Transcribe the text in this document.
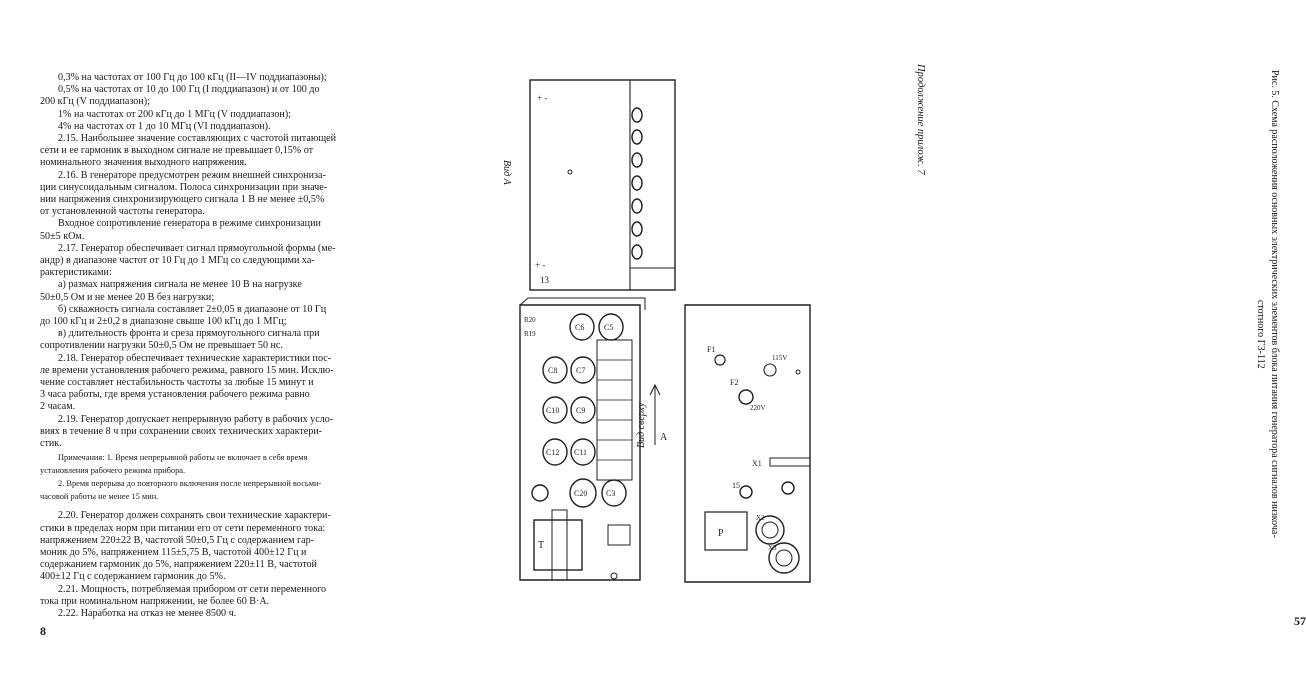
0,3% на частотах от 100 Гц до 100 кГц (II—IV поддиапазоны);
0,5% на частотах от 10 до 100 Гц (I поддиапазон) и от 100 до
200 кГц (V поддиапазон);
1% на частотах от 200 кГц до 1 МГц (V поддиапазон);
4% на частотах от 1 до 10 МГц (VI поддиапазон).
2.15. Наибольшее значение составляющих с частотой питающей
сети и ее гармоник в выходном сигнале не превышает 0,15% от
номинального значения выходного напряжения.
2.16. В генераторе предусмотрен режим внешней синхрониза-
ции синусоидальным сигналом. Полоса синхронизации при значе-
нии напряжения синхронизирующего сигнала 1 В не менее ±0,5%
от установленной частоты генератора.
Входное сопротивление генератора в режиме синхронизации
50±5 кОм.
2.17. Генератор обеспечивает сигнал прямоугольной формы (ме-
андр) в диапазоне частот от 10 Гц до 1 МГц со следующими ха-
рактеристиками:
а) размах напряжения сигнала не менее 10 В на нагрузке
50±0,5 Ом и не менее 20 В без нагрузки;
б) скважность сигнала составляет 2±0,05 в диапазоне от 10 Гц
до 100 кГц и 2±0,2 в диапазоне свыше 100 кГц до 1 МГц;
в) длительность фронта и среза прямоугольного сигнала при
сопротивлении нагрузки 50±0,5 Ом не превышает 50 нс.
2.18. Генератор обеспечивает технические характеристики пос-
ле времени установления рабочего режима, равного 15 мин. Исклю-
чение составляет нестабильность частоты за любые 15 минут и
3 часа работы, где время установления рабочего режима равно
2 часам.
2.19. Генератор допускает непрерывную работу в рабочих усло-
виях в течение 8 ч при сохранении своих технических характери-
стик.
Примечания: 1. Время непрерывной работы не включает в себя время
установления рабочего режима прибора.
2. Время перерыва до повторного включения после непрерывной восьми-
часовой работы не менее 15 мин.
2.20. Генератор должен сохранять свои технические характери-
стики в пределах норм при питании его от сети переменного тока:
напряжением 220±22 В, частотой 50±0,5 Гц с содержанием гар-
моник до 5%, напряжением 115±5,75 В, частотой 400±12 Гц и
содержанием гармоник до 5%, напряжением 220±11 В, частотой
400±12 Гц с содержанием гармоник до 5%.
2.21. Мощность, потребляемая прибором от сети переменного
тока при номинальном напряжении, не более 60 В·А.
2.22. Наработка на отказ не менее 8500 ч.
8
Продолжение прилож. 7	Рис. 5. Схема расположения основных электрических элементов блока питания генератора сигналов низкоча-
стотного ГЗ-112
57
+ -
+ -
13
Вид А
А
Вид сверху
С6 С5
С8 С7
С10 С9
С12 С11
С20 С3
R20
R19
Т
Р
F1
F2
115V
220V
Х1
15
Х2
Х3
